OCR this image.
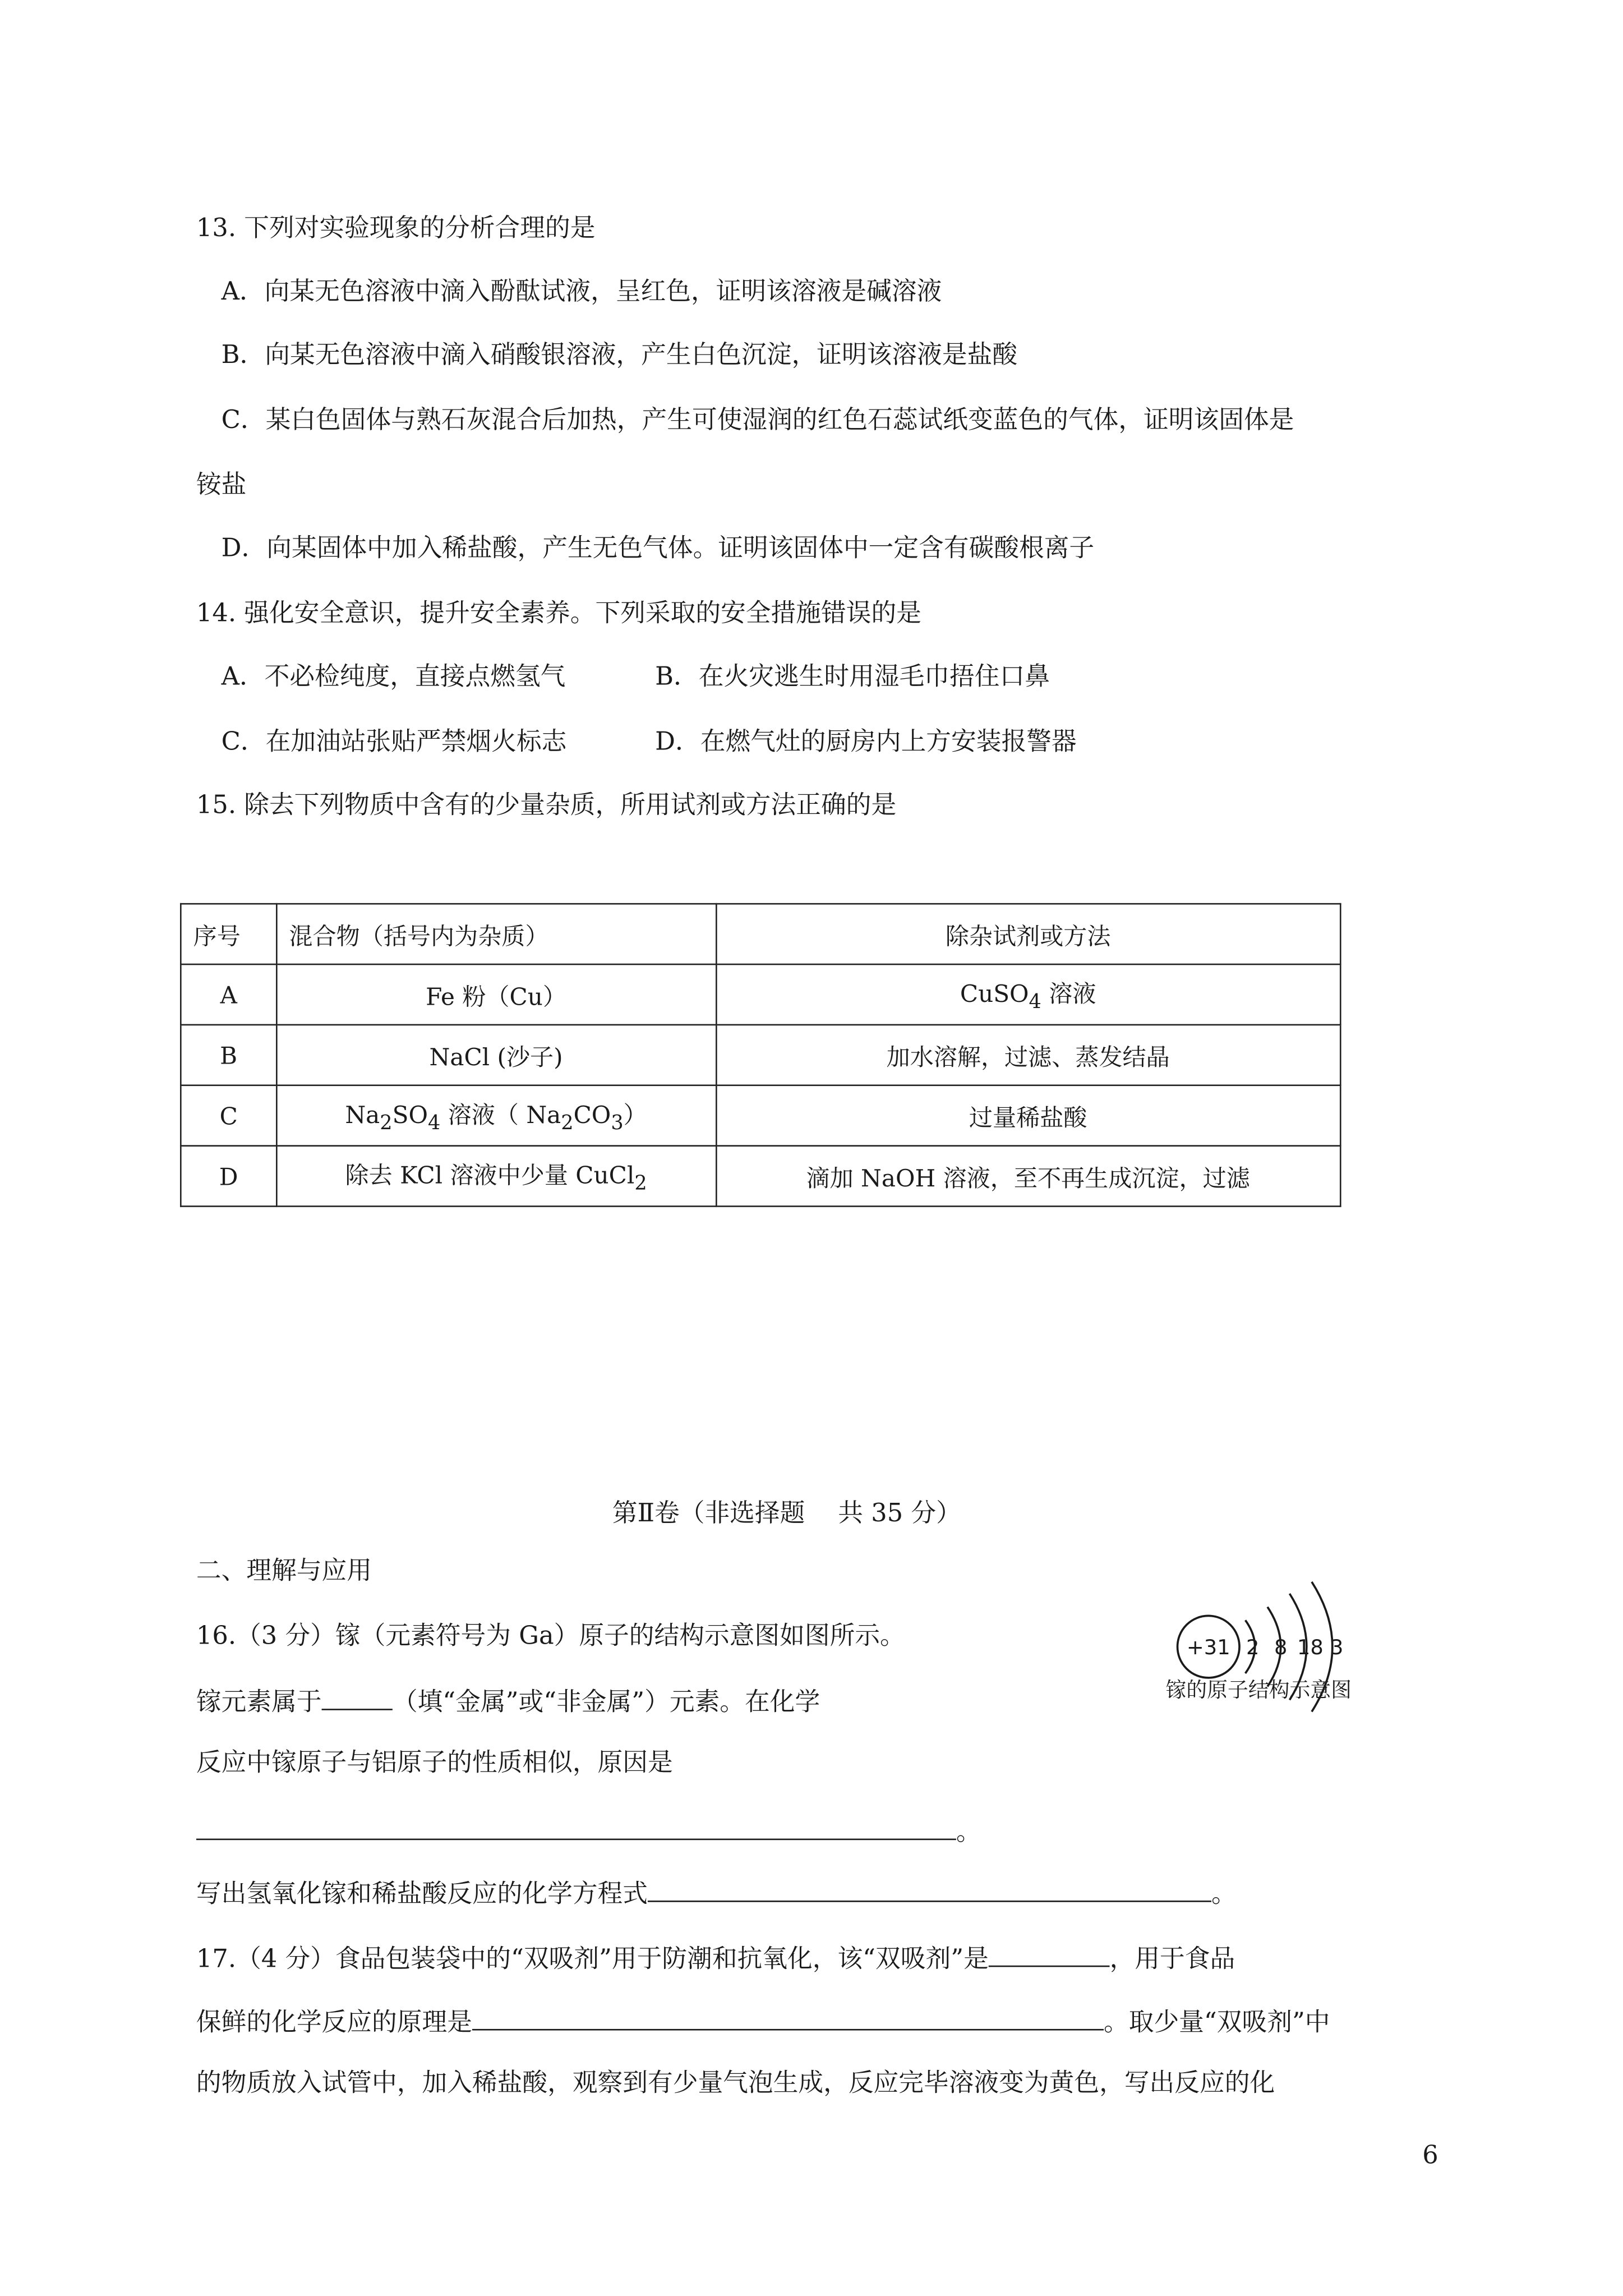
13. 下列对实验现象的分析合理的是
A．向某无色溶液中滴入酚酞试液，呈红色，证明该溶液是碱溶液
B．向某无色溶液中滴入硝酸银溶液，产生白色沉淀，证明该溶液是盐酸
C．某白色固体与熟石灰混合后加热，产生可使湿润的红色石蕊试纸变蓝色的气体，证明该固体是
铵盐
D．向某固体中加入稀盐酸，产生无色气体。证明该固体中一定含有碳酸根离子
14. 强化安全意识，提升安全素养。下列采取的安全措施错误的是
A．不必检纯度，直接点燃氢气	B．在火灾逃生时用湿毛巾捂住口鼻
C．在加油站张贴严禁烟火标志	D．在燃气灶的厨房内上方安装报警器
15. 除去下列物质中含有的少量杂质，所用试剂或方法正确的是
序号	混合物（括号内为杂质）	除杂试剂或方法
A	Fe 粉（Cu）	CuSO$_4$ 溶液
B	NaCl (沙子)	加水溶解，过滤、蒸发结晶
C	$Na_2SO_4$ 溶液（ $Na_2CO_3$）	过量稀盐酸
D	除去 KCl 溶液中少量 CuCl$_2$	滴加 NaOH 溶液，至不再生成沉淀，过滤
第Ⅱ卷（非选择题　 共 35 分）
二、理解与应用
16.（3 分）镓（元素符号为 Ga）原子的结构示意图如图所示。
镓元素属于	（填“金属”或“非金属”）元素。在化学
反应中镓原子与铝原子的性质相似，原因是
。
写出氢氧化镓和稀盐酸反应的化学方程式	。
+31 2 8 18 3
镓的原子结构示意图
17.（4 分）食品包装袋中的“双吸剂”用于防潮和抗氧化，该“双吸剂”是	，用于食品
保鲜的化学反应的原理是	。取少量“双吸剂”中
的物质放入试管中，加入稀盐酸，观察到有少量气泡生成，反应完毕溶液变为黄色，写出反应的化
6
